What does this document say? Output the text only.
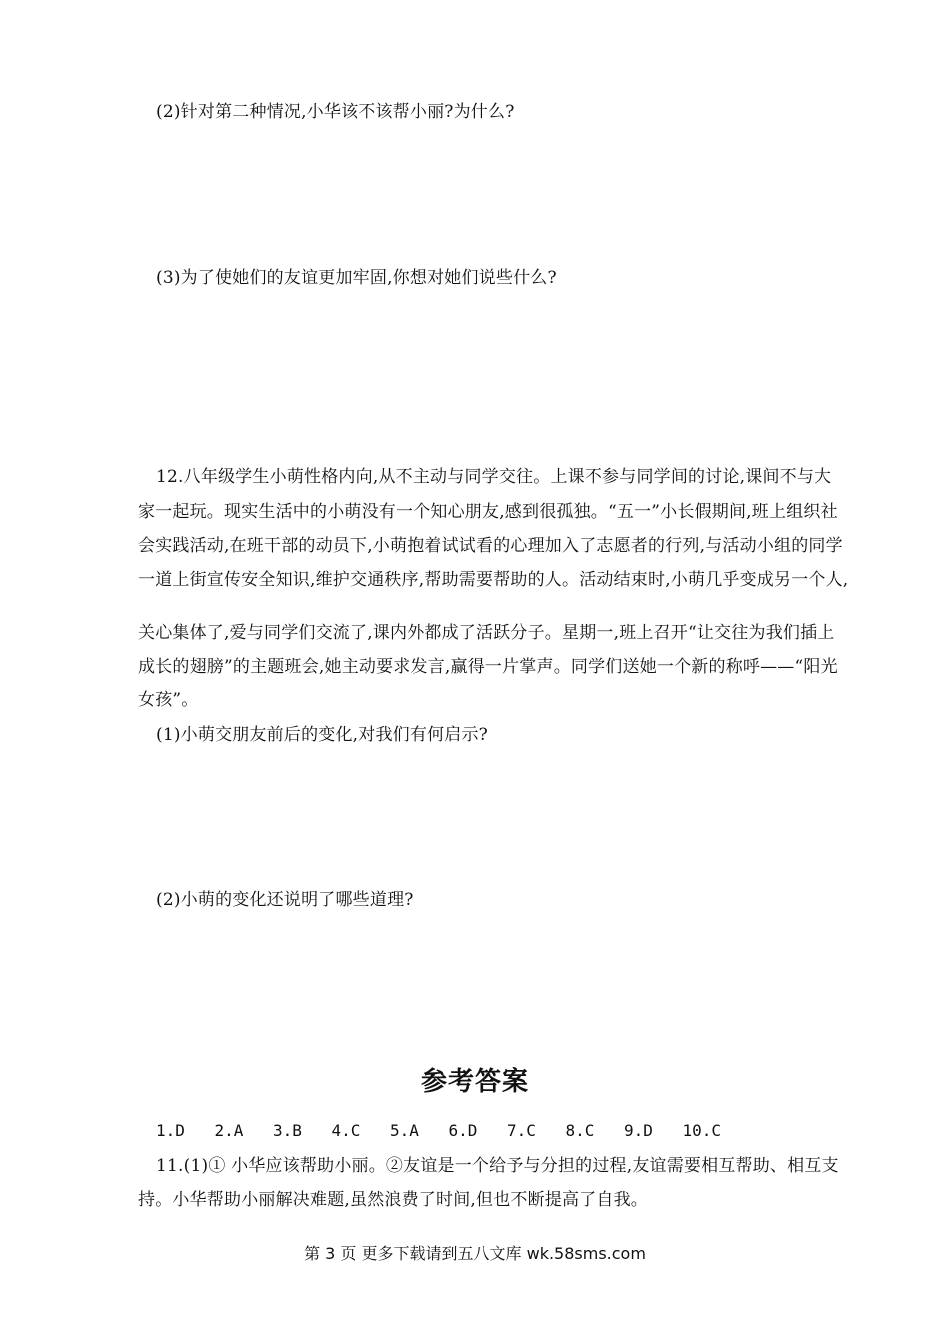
(2)针对第二种情况,小华该不该帮小丽?为什么?
(3)为了使她们的友谊更加牢固,你想对她们说些什么?
12.八年级学生小萌性格内向,从不主动与同学交往。上课不参与同学间的讨论,课间不与大
家一起玩。现实生活中的小萌没有一个知心朋友,感到很孤独。“五一”小长假期间,班上组织社
会实践活动,在班干部的动员下,小萌抱着试试看的心理加入了志愿者的行列,与活动小组的同学
一道上街宣传安全知识,维护交通秩序,帮助需要帮助的人。活动结束时,小萌几乎变成另一个人,
关心集体了,爱与同学们交流了,课内外都成了活跃分子。星期一,班上召开“让交往为我们插上
成长的翅膀”的主题班会,她主动要求发言,赢得一片掌声。同学们送她一个新的称呼——“阳光
女孩”。
(1)小萌交朋友前后的变化,对我们有何启示?
(2)小萌的变化还说明了哪些道理?
参考答案
1.D	2.A	3.B	4.C	5.A	6.D	7.C	8.C	9.D	10.C
11.(1)① 小华应该帮助小丽。②友谊是一个给予与分担的过程,友谊需要相互帮助、相互支
持。小华帮助小丽解决难题,虽然浪费了时间,但也不断提高了自我。
第 3 页 更多下载请到五八文库 wk.58sms.com
